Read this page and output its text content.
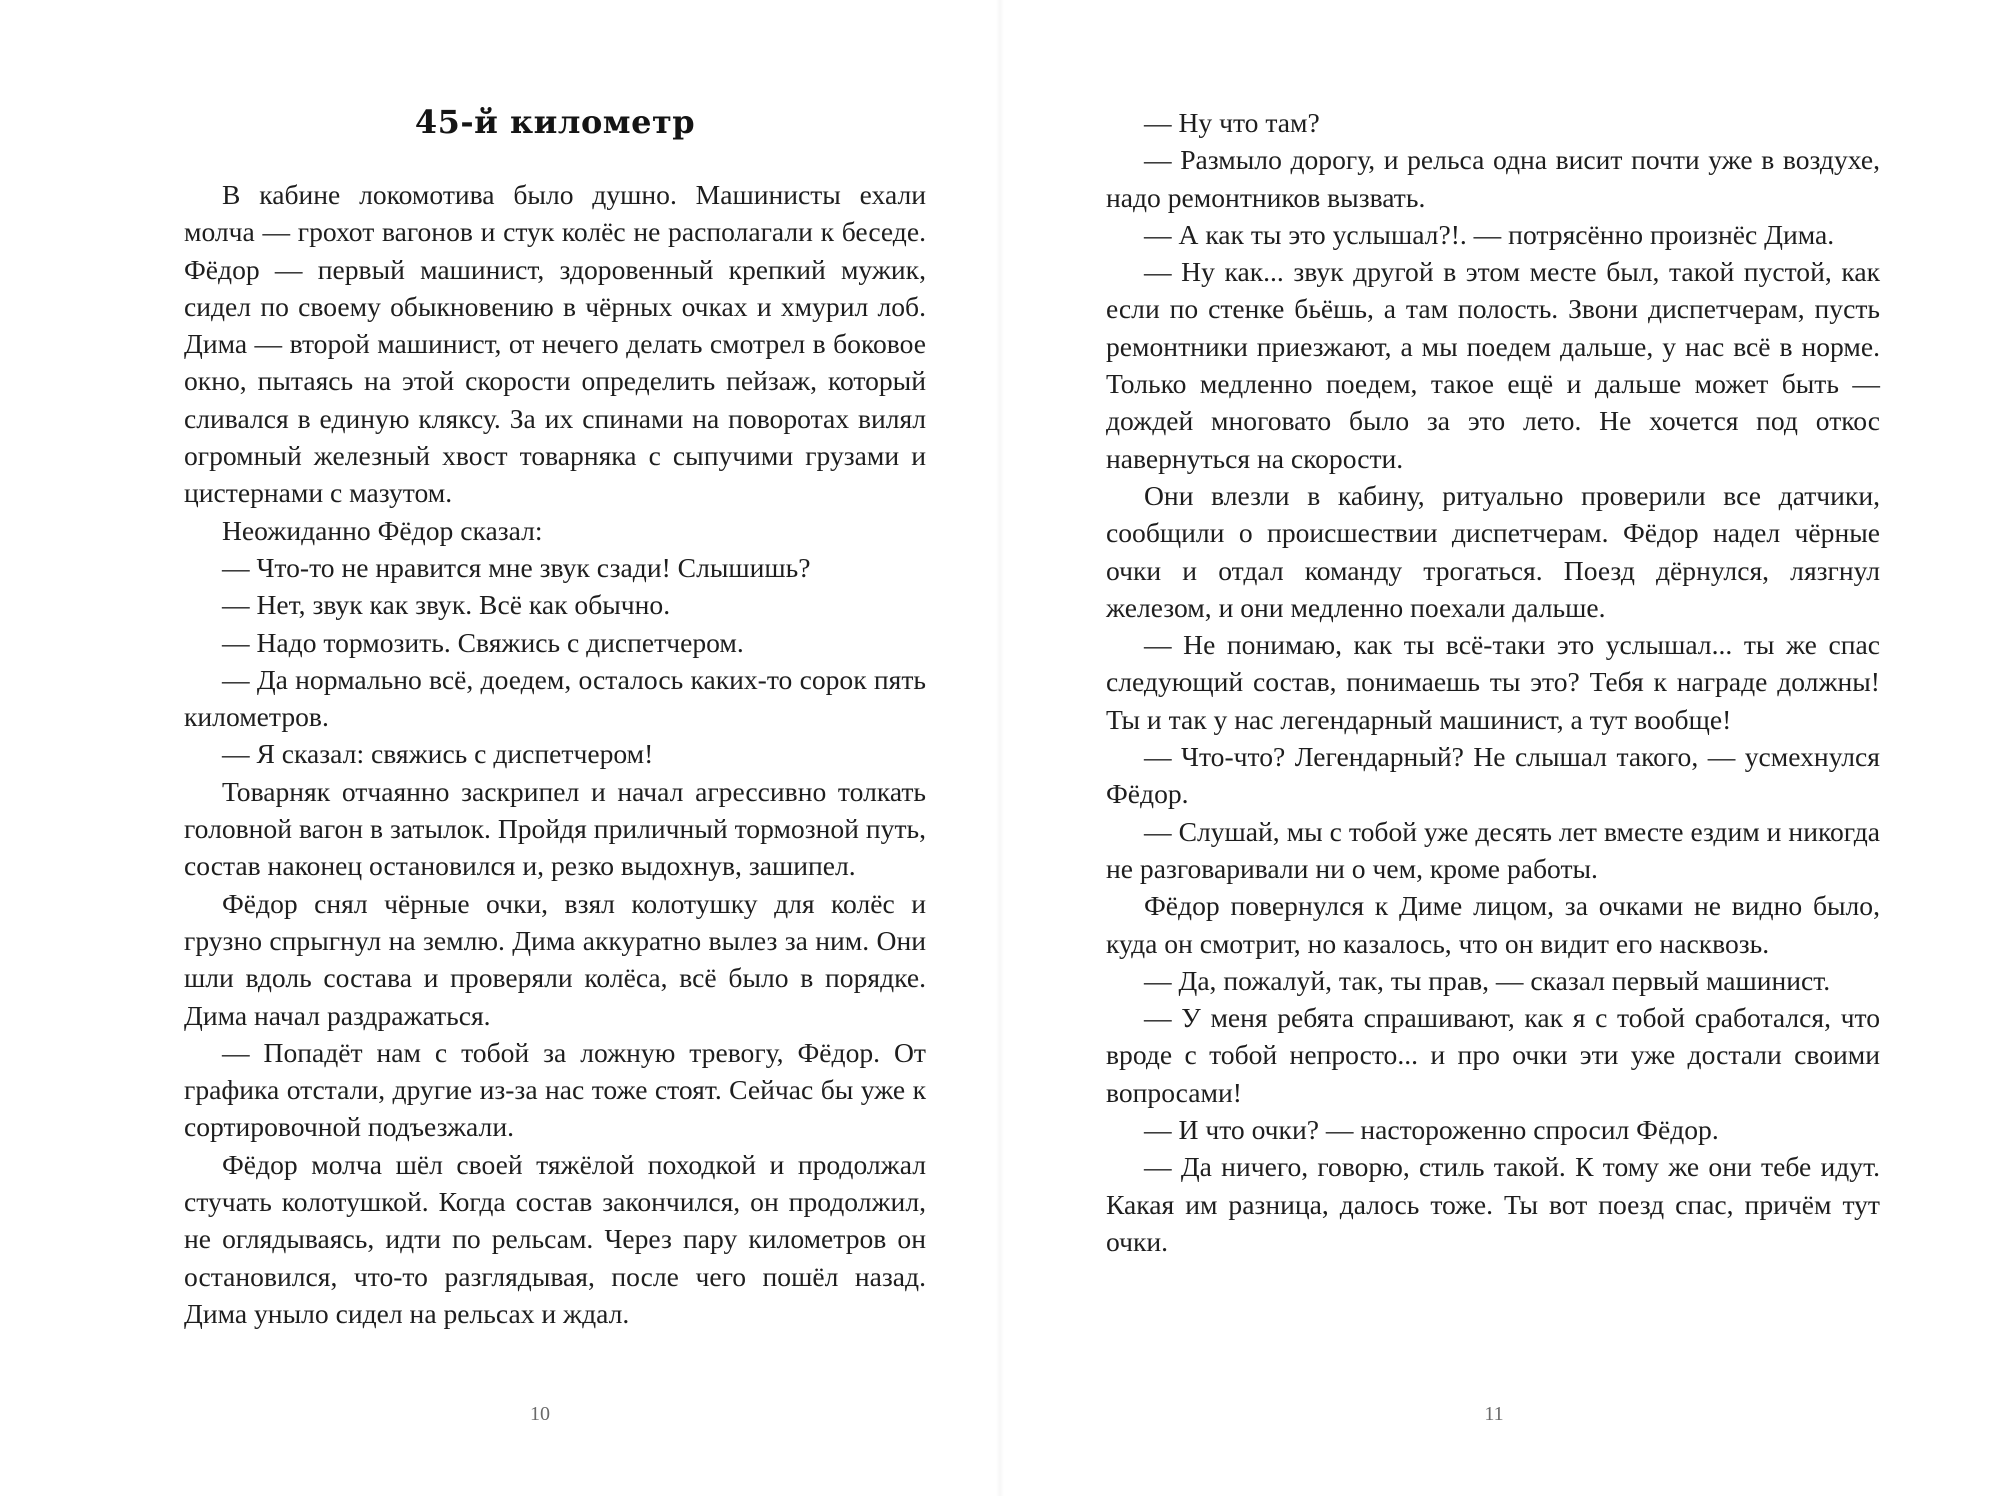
45-й километр

В кабине локомотива было душно. Машинисты ехали молча — грохот вагонов и стук колёс не располагали к беседе. Фёдор — первый машинист, здоровенный крепкий мужик, сидел по своему обыкновению в чёрных очках и хмурил лоб. Дима — второй машинист, от нечего делать смотрел в боковое окно, пытаясь на этой скорости определить пейзаж, который сливался в единую кляксу. За их спинами на поворотах вилял огромный железный хвост товарняка с сыпучими грузами и цистернами с мазутом.

Неожиданно Фёдор сказал:

— Что-то не нравится мне звук сзади! Слышишь?

— Нет, звук как звук. Всё как обычно.

— Надо тормозить. Свяжись с диспетчером.

— Да нормально всё, доедем, осталось каких-то сорок пять километров.

— Я сказал: свяжись с диспетчером!

Товарняк отчаянно заскрипел и начал агрессивно толкать головной вагон в затылок. Пройдя приличный тормозной путь, состав наконец остановился и, резко выдохнув, зашипел.

Фёдор снял чёрные очки, взял колотушку для колёс и грузно спрыгнул на землю. Дима аккуратно вылез за ним. Они шли вдоль состава и проверяли колёса, всё было в порядке. Дима начал раздражаться.

— Попадёт нам с тобой за ложную тревогу, Фёдор. От графика отстали, другие из-за нас тоже стоят. Сейчас бы уже к сортировочной подъезжали.

Фёдор молча шёл своей тяжёлой походкой и продолжал стучать колотушкой. Когда состав закончился, он продолжил, не оглядываясь, идти по рельсам. Через пару километров он остановился, что-то разглядывая, после чего пошёл назад. Дима уныло сидел на рельсах и ждал.

10

— Ну что там?

— Размыло дорогу, и рельса одна висит почти уже в воздухе, надо ремонтников вызвать.

— А как ты это услышал?!. — потрясённо произнёс Дима.

— Ну как... звук другой в этом месте был, такой пустой, как если по стенке бьёшь, а там полость. Звони диспетчерам, пусть ремонтники приезжают, а мы поедем дальше, у нас всё в норме. Только медленно поедем, такое ещё и дальше может быть — дождей многовато было за это лето. Не хочется под откос навернуться на скорости.

Они влезли в кабину, ритуально проверили все датчики, сообщили о происшествии диспетчерам. Фёдор надел чёрные очки и отдал команду трогаться. Поезд дёрнулся, лязгнул железом, и они медленно поехали дальше.

— Не понимаю, как ты всё-таки это услышал... ты же спас следующий состав, понимаешь ты это? Тебя к награде должны! Ты и так у нас легендарный машинист, а тут вообще!

— Что-что? Легендарный? Не слышал такого, — усмехнулся Фёдор.

— Слушай, мы с тобой уже десять лет вместе ездим и никогда не разговаривали ни о чем, кроме работы.

Фёдор повернулся к Диме лицом, за очками не видно было, куда он смотрит, но казалось, что он видит его насквозь.

— Да, пожалуй, так, ты прав, — сказал первый машинист.

— У меня ребята спрашивают, как я с тобой сработался, что вроде с тобой непросто... и про очки эти уже достали своими вопросами!

— И что очки? — настороженно спросил Фёдор.

— Да ничего, говорю, стиль такой. К тому же они тебе идут. Какая им разница, далось тоже. Ты вот поезд спас, причём тут очки.

11
